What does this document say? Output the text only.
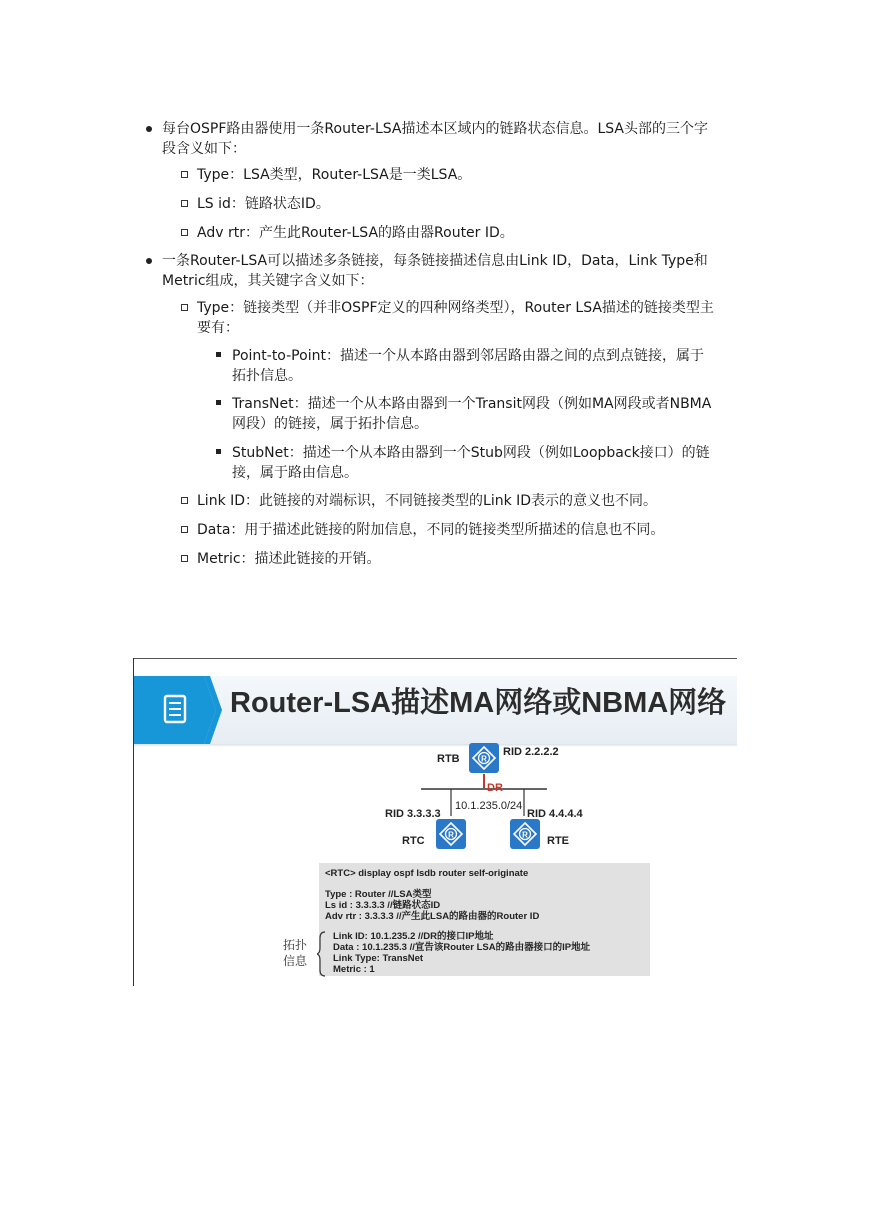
每台OSPF路由器使用一条Router-LSA描述本区域内的链路状态信息。LSA头部的三个字
段含义如下：
Type：LSA类型，Router-LSA是一类LSA。
LS id：链路状态ID。
Adv rtr：产生此Router-LSA的路由器Router ID。
一条Router-LSA可以描述多条链接，每条链接描述信息由Link ID，Data，Link Type和
Metric组成，其关键字含义如下：
Type：链接类型（并非OSPF定义的四种网络类型），Router LSA描述的链接类型主
要有：
Point-to-Point：描述一个从本路由器到邻居路由器之间的点到点链接，属于
拓扑信息。
TransNet：描述一个从本路由器到一个Transit网段（例如MA网段或者NBMA
网段）的链接，属于拓扑信息。
StubNet：描述一个从本路由器到一个Stub网段（例如Loopback接口）的链
接，属于路由信息。
Link ID：此链接的对端标识，不同链接类型的Link ID表示的意义也不同。
Data：用于描述此链接的附加信息，不同的链接类型所描述的信息也不同。
Metric：描述此链接的开销。
Router-LSA描述MA网络或NBMA网络
R
R	R
RTB
RID 2.2.2.2
DR
10.1.235.0/24
RID 3.3.3.3	RID 4.4.4.4
RTC	RTE
<RTC> display ospf lsdb router self-originate
Type : Router //LSA类型
Ls id : 3.3.3.3 //链路状态ID
Adv rtr : 3.3.3.3 //产生此LSA的路由器的Router ID
Link ID: 10.1.235.2 //DR的接口IP地址
Data : 10.1.235.3 //宣告该Router LSA的路由器接口的IP地址
Link Type: TransNet
Metric : 1
拓扑
信息
